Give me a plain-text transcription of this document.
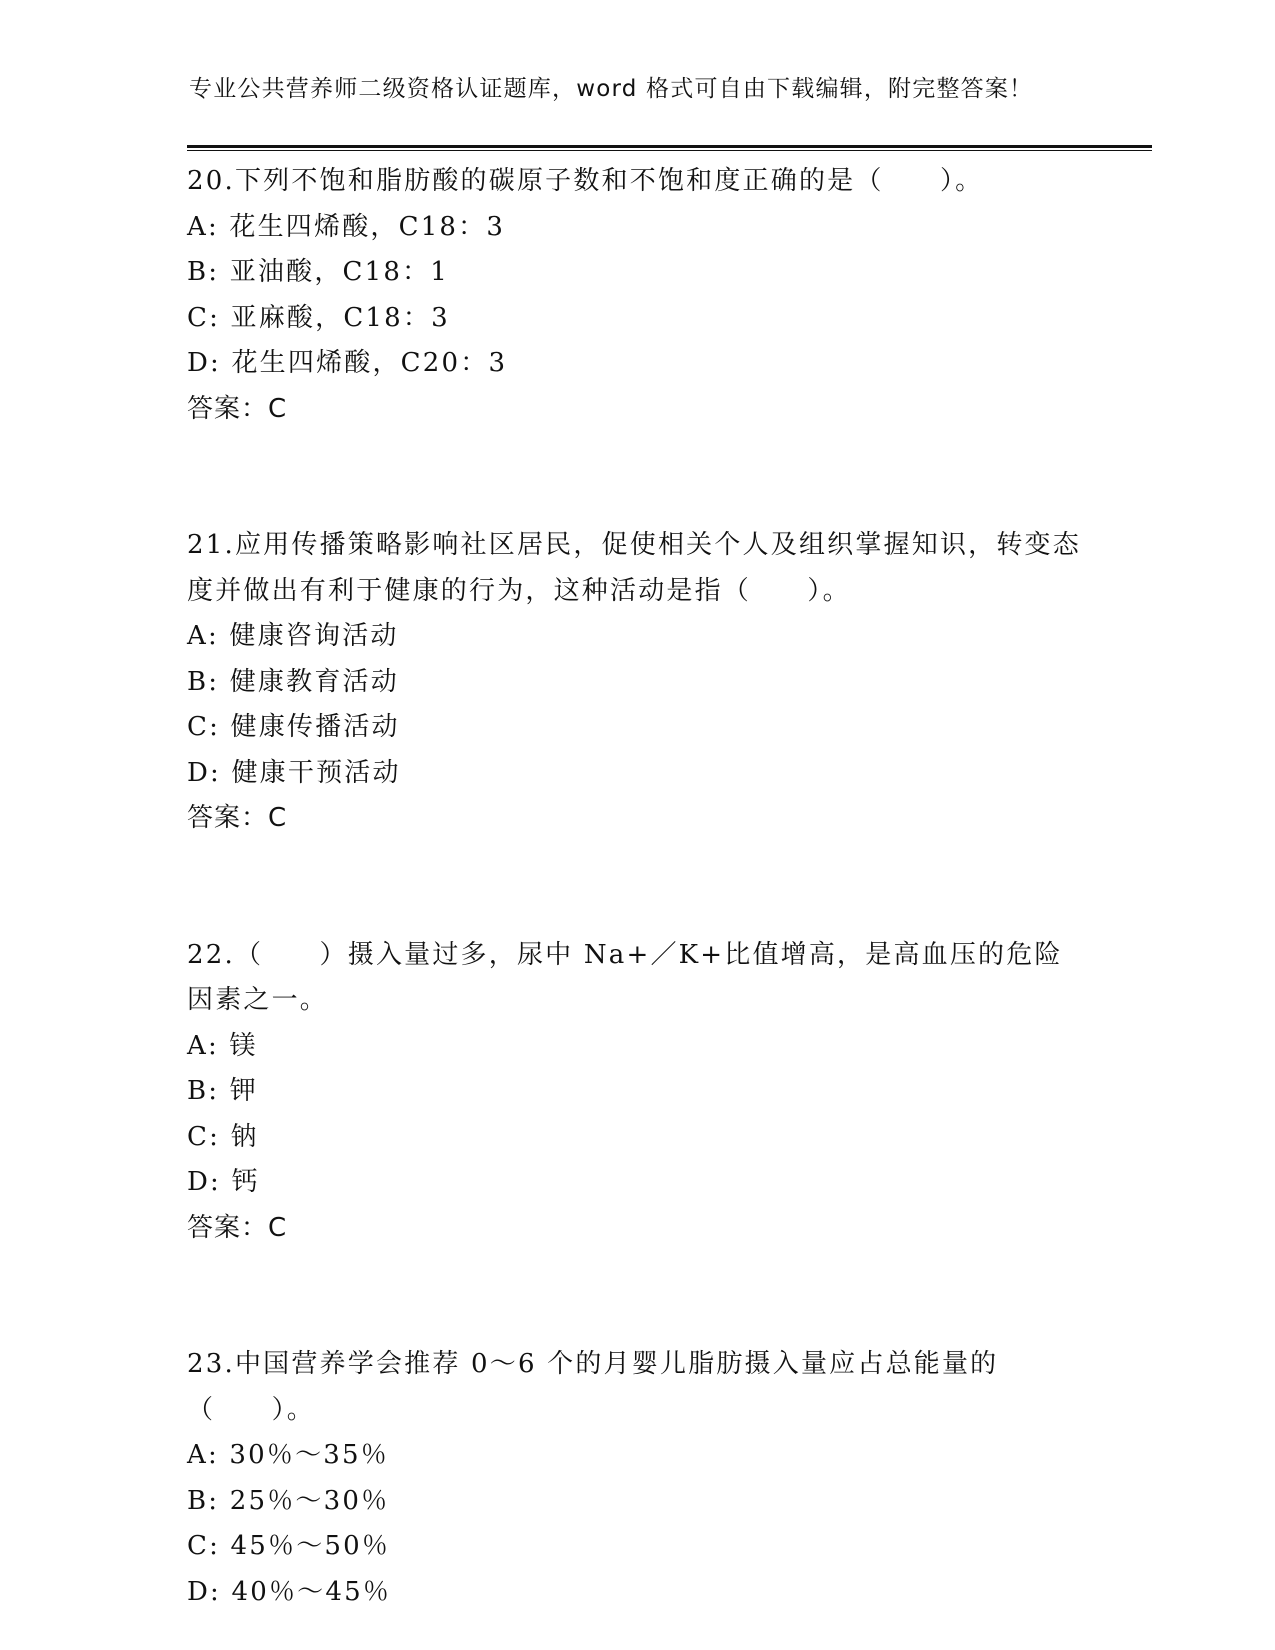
专业公共营养师二级资格认证题库，word 格式可自由下载编辑，附完整答案！

20.下列不饱和脂肪酸的碳原子数和不饱和度正确的是（　　）。

A: 花生四烯酸，C18：3

B: 亚油酸，C18：1

C: 亚麻酸，C18：3

D: 花生四烯酸，C20：3

答案：C

21.应用传播策略影响社区居民，促使相关个人及组织掌握知识，转变态度并做出有利于健康的行为，这种活动是指（　　）。

A: 健康咨询活动

B: 健康教育活动

C: 健康传播活动

D: 健康干预活动

答案：C

22.（　　）摄入量过多，尿中 Na+／K+比值增高，是高血压的危险因素之一。

A: 镁

B: 钾

C: 钠

D: 钙

答案：C

23.中国营养学会推荐 0～6 个的月婴儿脂肪摄入量应占总能量的（　　）。

A: 30％～35％

B: 25％～30％

C: 45％～50％

D: 40％～45％
